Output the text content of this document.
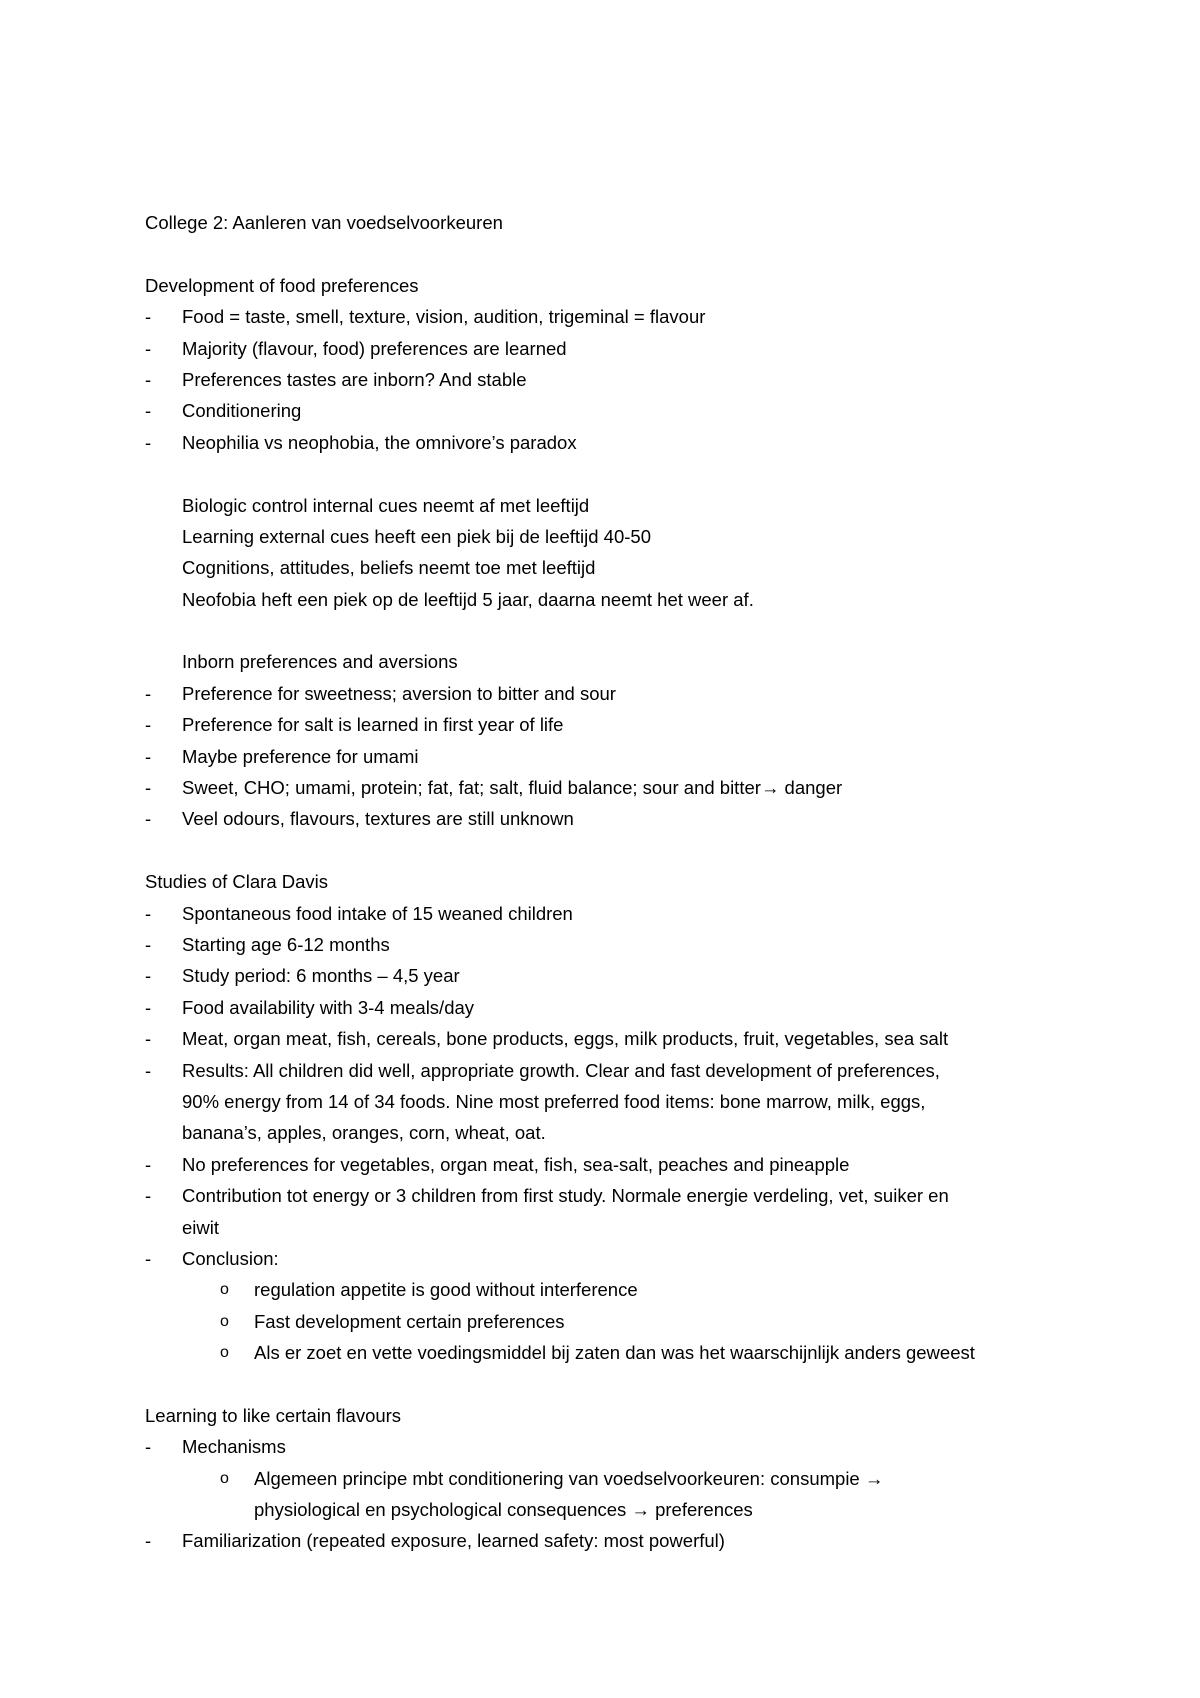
College 2: Aanleren van voedselvoorkeuren
Development of food preferences
- Food = taste, smell, texture, vision, audition, trigeminal = flavour
- Majority (flavour, food) preferences are learned
- Preferences tastes are inborn? And stable
- Conditionering
- Neophilia vs neophobia, the omnivore’s paradox
Biologic control internal cues neemt af met leeftijd
Learning external cues heeft een piek bij de leeftijd 40-50
Cognitions, attitudes, beliefs neemt toe met leeftijd
Neofobia heft een piek op de leeftijd 5 jaar, daarna neemt het weer af.
Inborn preferences and aversions
- Preference for sweetness; aversion to bitter and sour
- Preference for salt is learned in first year of life
- Maybe preference for umami
- Sweet, CHO; umami, protein; fat, fat; salt, fluid balance; sour and bitter→ danger
- Veel odours, flavours, textures are still unknown
Studies of Clara Davis
- Spontaneous food intake of 15 weaned children
- Starting age 6-12 months
- Study period: 6 months – 4,5 year
- Food availability with 3-4 meals/day
- Meat, organ meat, fish, cereals, bone products, eggs, milk products, fruit, vegetables, sea salt
- Results: All children did well, appropriate growth. Clear and fast development of preferences,
90% energy from 14 of 34 foods. Nine most preferred food items: bone marrow, milk, eggs,
banana’s, apples, oranges, corn, wheat, oat.
- No preferences for vegetables, organ meat, fish, sea-salt, peaches and pineapple
- Contribution tot energy or 3 children from first study. Normale energie verdeling, vet, suiker en
eiwit
- Conclusion:
o regulation appetite is good without interference
o Fast development certain preferences
o Als er zoet en vette voedingsmiddel bij zaten dan was het waarschijnlijk anders geweest
Learning to like certain flavours
- Mechanisms
o Algemeen principe mbt conditionering van voedselvoorkeuren: consumpie →
physiological en psychological consequences → preferences
- Familiarization (repeated exposure, learned safety: most powerful)
